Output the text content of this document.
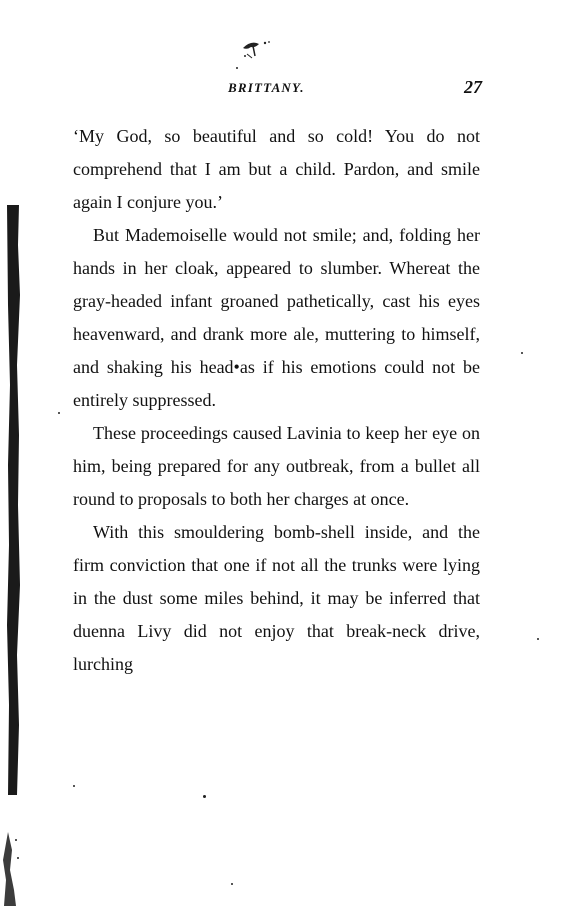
BRITTANY.	27

‘My God, so beautiful and so cold! You do not comprehend that I am but a child. Pardon, and smile again I conjure you.’

But Mademoiselle would not smile; and, folding her hands in her cloak, appeared to slumber. Whereat the gray-headed infant groaned pathetically, cast his eyes heavenward, and drank more ale, muttering to himself, and shaking his head•as if his emotions could not be entirely suppressed.

These proceedings caused Lavinia to keep her eye on him, being prepared for any outbreak, from a bullet all round to proposals to both her charges at once.

With this smouldering bomb-shell inside, and the firm conviction that one if not all the trunks were lying in the dust some miles behind, it may be inferred that duenna Livy did not enjoy that break-neck drive, lurching
